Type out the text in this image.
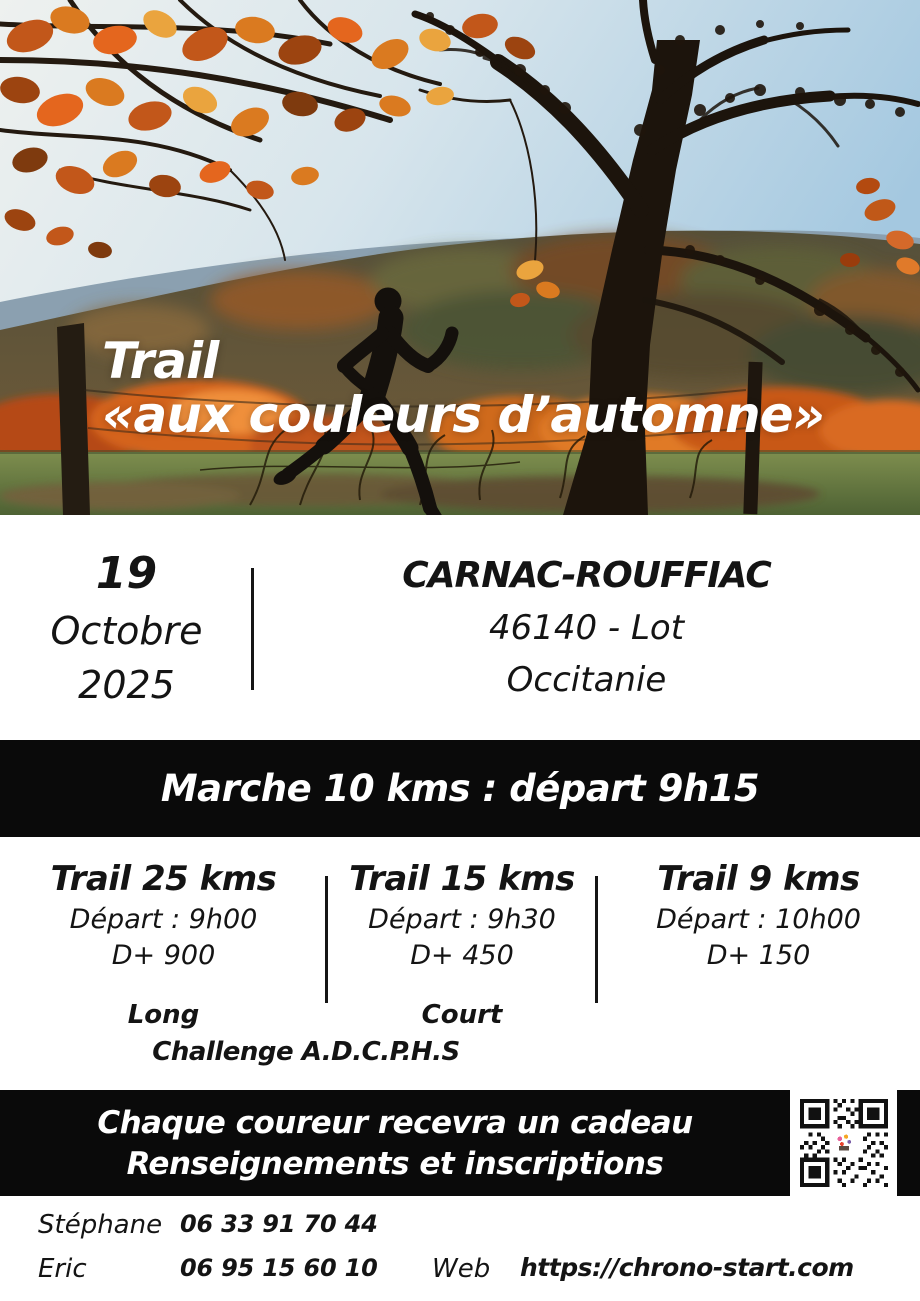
Trail
«aux couleurs d’automne»
19
Octobre
2025
CARNAC-ROUFFIAC
46140 - Lot
Occitanie
Marche 10 kms : départ 9h15
Trail 25 kms
Départ : 9h00
D+ 900
Trail 15 kms
Départ : 9h30
D+ 450
Trail 9 kms
Départ : 10h00
D+ 150
Long	Court
Challenge A.D.C.P.H.S
Chaque coureur recevra un cadeau
Renseignements et inscriptions
Stéphane 06 33 91 70 44
Eric	06 95 15 60 10 Web https://chrono-start.com
